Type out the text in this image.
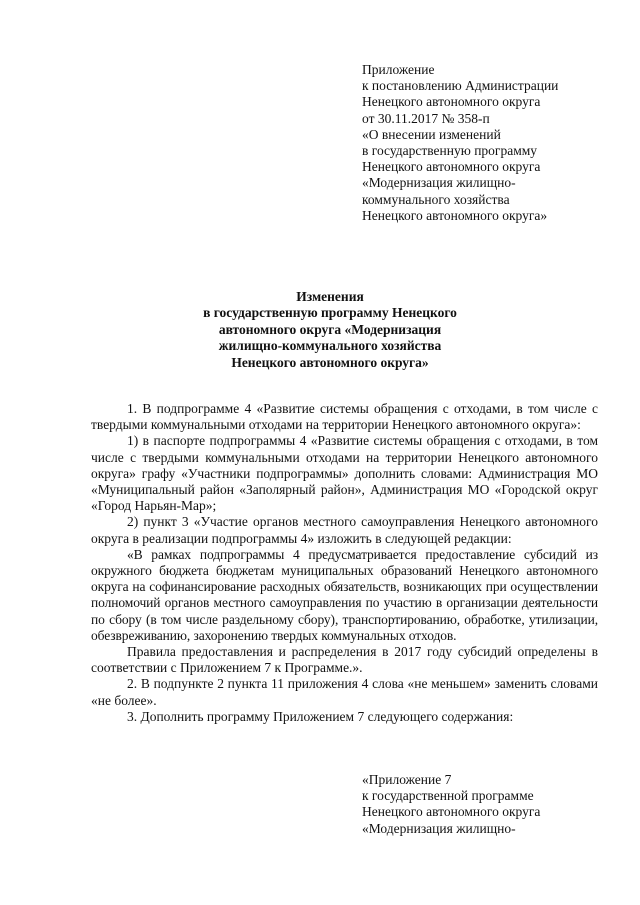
Приложение
к постановлению Администрации
Ненецкого автономного округа
от 30.11.2017 № 358-п
«О внесении изменений
в государственную программу
Ненецкого автономного округа
«Модернизация жилищно-
коммунального хозяйства
Ненецкого автономного округа»
Изменения
в государственную программу Ненецкого
автономного округа «Модернизация
жилищно-коммунального хозяйства
Ненецкого автономного округа»

1. В подпрограмме 4 «Развитие системы обращения с отходами, в том числе с твердыми коммунальными отходами на территории Ненецкого автономного округа»:

1) в паспорте подпрограммы 4 «Развитие системы обращения с отходами, в том числе с твердыми коммунальными отходами на территории Ненецкого автономного округа» графу «Участники подпрограммы» дополнить словами: Администрация МО «Муниципальный район «Заполярный район», Администрация МО «Городской округ «Город Нарьян-Мар»;

2) пункт 3 «Участие органов местного самоуправления Ненецкого автономного округа в реализации подпрограммы 4» изложить в следующей редакции:

«В рамках подпрограммы 4 предусматривается предоставление субсидий из окружного бюджета бюджетам муниципальных образований Ненецкого автономного округа на софинансирование расходных обязательств, возникающих при осуществлении полномочий органов местного самоуправления по участию в организации деятельности по сбору (в том числе раздельному сбору), транспортированию, обработке, утилизации, обезвреживанию, захоронению твердых коммунальных отходов.

Правила предоставления и распределения в 2017 году субсидий определены в соответствии с Приложением 7 к Программе.».

2. В подпункте 2 пункта 11 приложения 4 слова «не меньшем» заменить словами «не более».

3. Дополнить программу Приложением 7 следующего содержания:

«Приложение 7
к государственной программе
Ненецкого автономного округа
«Модернизация жилищно-
